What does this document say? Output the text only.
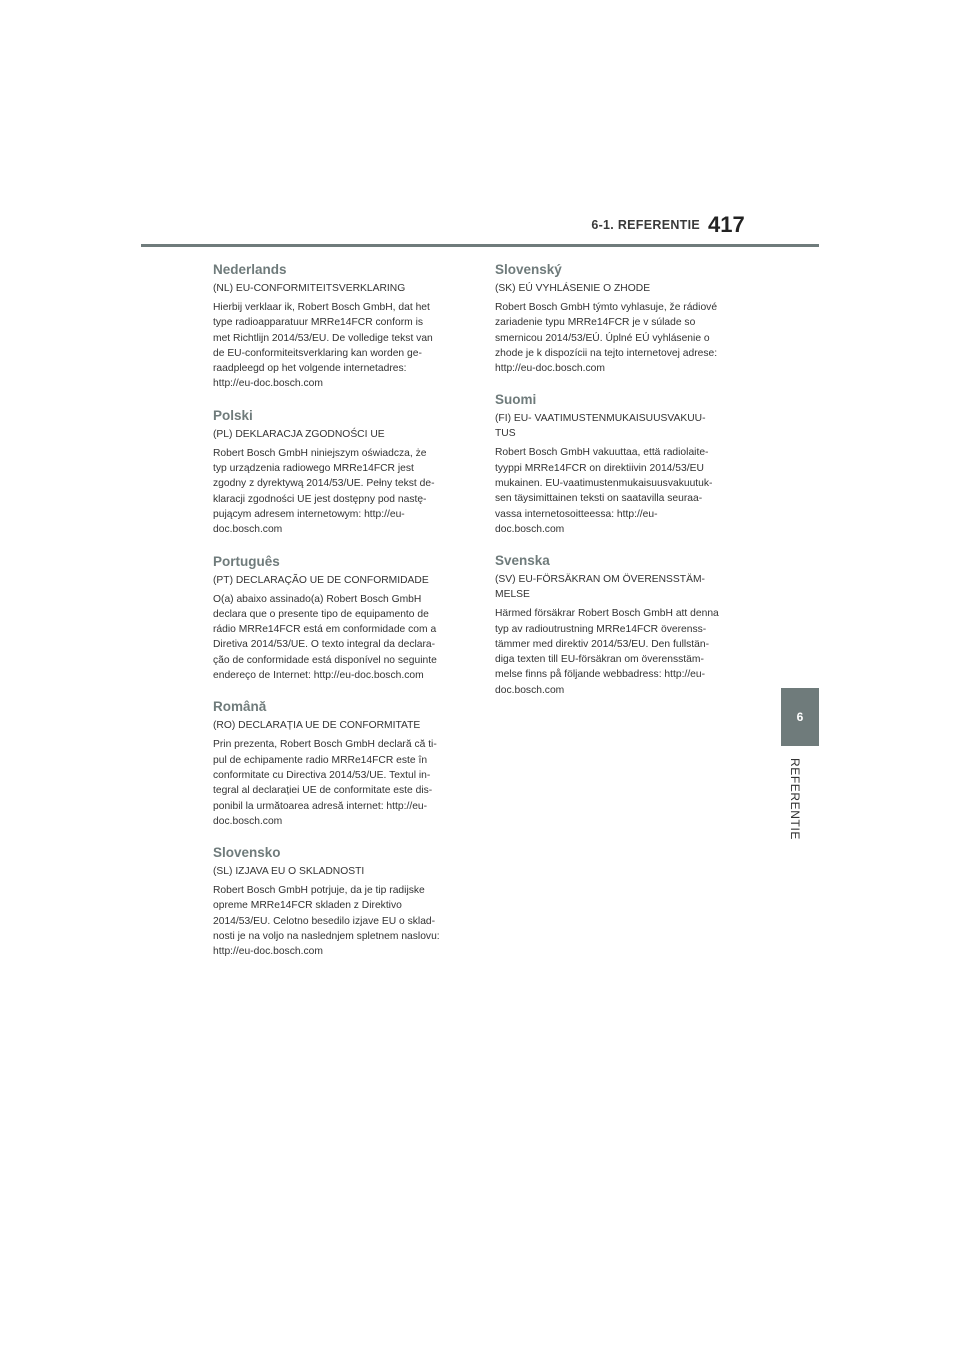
6-1. REFERENTIE 417
6
REFERENTIE
Nederlands

(NL) EU-CONFORMITEITSVERKLARING

Hierbij verklaar ik, Robert Bosch GmbH, dat het
type radioapparatuur MRRe14FCR conform is
met Richtlijn 2014/53/EU. De volledige tekst van
de EU-conformiteitsverklaring kan worden ge-
raadpleegd op het volgende internetadres:
http://eu-doc.bosch.com

Polski

(PL) DEKLARACJA ZGODNOŚCI UE

Robert Bosch GmbH niniejszym oświadcza, że
typ urządzenia radiowego MRRe14FCR jest
zgodny z dyrektywą 2014/53/UE. Pełny tekst de-
klaracji zgodności UE jest dostępny pod nastę-
pującym adresem internetowym: http://eu-
doc.bosch.com

Português

(PT) DECLARAÇÃO UE DE CONFORMIDADE

O(a) abaixo assinado(a) Robert Bosch GmbH
declara que o presente tipo de equipamento de
rádio MRRe14FCR está em conformidade com a
Diretiva 2014/53/UE. O texto integral da declara-
ção de conformidade está disponível no seguinte
endereço de Internet: http://eu-doc.bosch.com

Română

(RO) DECLARAȚIA UE DE CONFORMITATE

Prin prezenta, Robert Bosch GmbH declară că ti-
pul de echipamente radio MRRe14FCR este în
conformitate cu Directiva 2014/53/UE. Textul in-
tegral al declarației UE de conformitate este dis-
ponibil la următoarea adresă internet: http://eu-
doc.bosch.com

Slovensko

(SL) IZJAVA EU O SKLADNOSTI

Robert Bosch GmbH potrjuje, da je tip radijske
opreme MRRe14FCR skladen z Direktivo
2014/53/EU. Celotno besedilo izjave EU o sklad-
nosti je na voljo na naslednjem spletnem naslovu:
http://eu-doc.bosch.com

Slovenský

(SK) EÚ VYHLÁSENIE O ZHODE

Robert Bosch GmbH týmto vyhlasuje, že rádiové
zariadenie typu MRRe14FCR je v súlade so
smernicou 2014/53/EÚ. Úplné EÚ vyhlásenie o
zhode je k dispozícii na tejto internetovej adrese:
http://eu-doc.bosch.com

Suomi

(FI) EU- VAATIMUSTENMUKAISUUSVAKUU-
TUS

Robert Bosch GmbH vakuuttaa, että radiolaite-
tyyppi MRRe14FCR on direktiivin 2014/53/EU
mukainen. EU-vaatimustenmukaisuusvakuutuk-
sen täysimittainen teksti on saatavilla seuraa-
vassa internetosoitteessa: http://eu-
doc.bosch.com

Svenska

(SV) EU-FÖRSÄKRAN OM ÖVERENSSTÄM-
MELSE

Härmed försäkrar Robert Bosch GmbH att denna
typ av radioutrustning MRRe14FCR överenss-
tämmer med direktiv 2014/53/EU. Den fullstän-
diga texten till EU-försäkran om överensstäm-
melse finns på följande webbadress: http://eu-
doc.bosch.com
